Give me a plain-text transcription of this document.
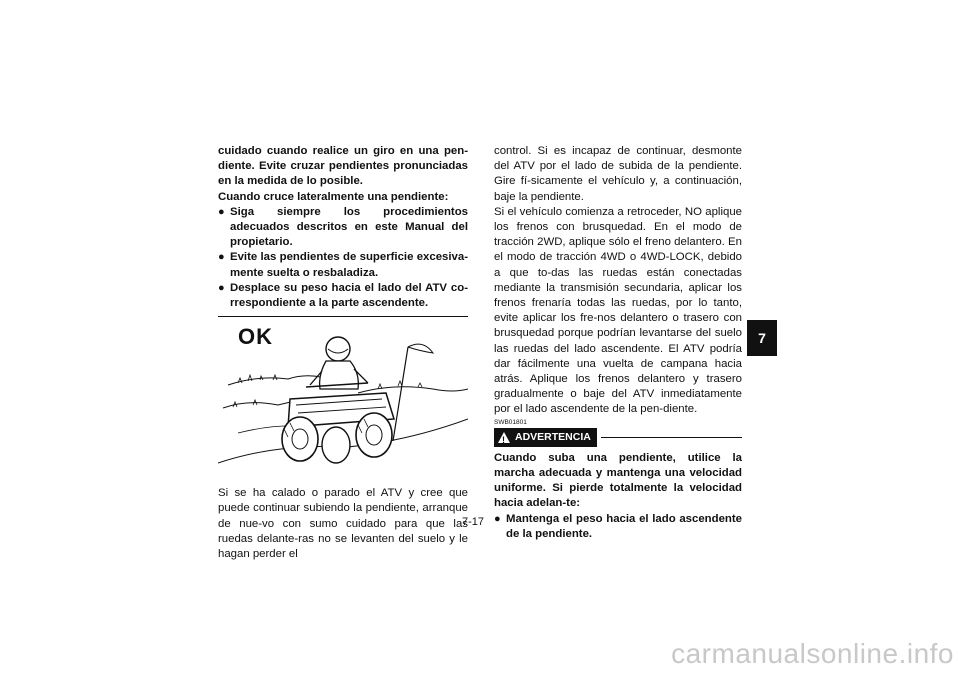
cuidado cuando realice un giro en una pen-diente. Evite cruzar pendientes pronunciadas en la medida de lo posible.

Cuando cruce lateralmente una pendiente:

● Siga siempre los procedimientos adecuados descritos en este Manual del propietario.
● Evite las pendientes de superficie excesiva-mente suelta o resbaladiza.
● Desplace su peso hacia el lado del ATV co-rrespondiente a la parte ascendente.
OK

Si se ha calado o parado el ATV y cree que puede continuar subiendo la pendiente, arranque de nue-vo con sumo cuidado para que las ruedas delante-ras no se levanten del suelo y le hagan perder el

control. Si es incapaz de continuar, desmonte del ATV por el lado de subida de la pendiente. Gire fí-sicamente el vehículo y, a continuación, baje la pendiente.

Si el vehículo comienza a retroceder, NO aplique los frenos con brusquedad. En el modo de tracción 2WD, aplique sólo el freno delantero. En el modo de tracción 4WD o 4WD-LOCK, debido a que to-das las ruedas están conectadas mediante la transmisión secundaria, aplicar los frenos frenaría todas las ruedas, por lo tanto, evite aplicar los fre-nos delantero o trasero con brusquedad porque podrían levantarse del suelo las ruedas del lado ascendente. El ATV podría dar fácilmente una vuelta de campana hacia atrás. Aplique los frenos delantero y trasero gradualmente o baje del ATV inmediatamente por el lado ascendente de la pen-diente.

SWB01801
! ADVERTENCIA

Cuando suba una pendiente, utilice la marcha adecuada y mantenga una velocidad uniforme. Si pierde totalmente la velocidad hacia adelan-te:

● Mantenga el peso hacia el lado ascendente de la pendiente.
7
7-17
carmanualsonline.info
